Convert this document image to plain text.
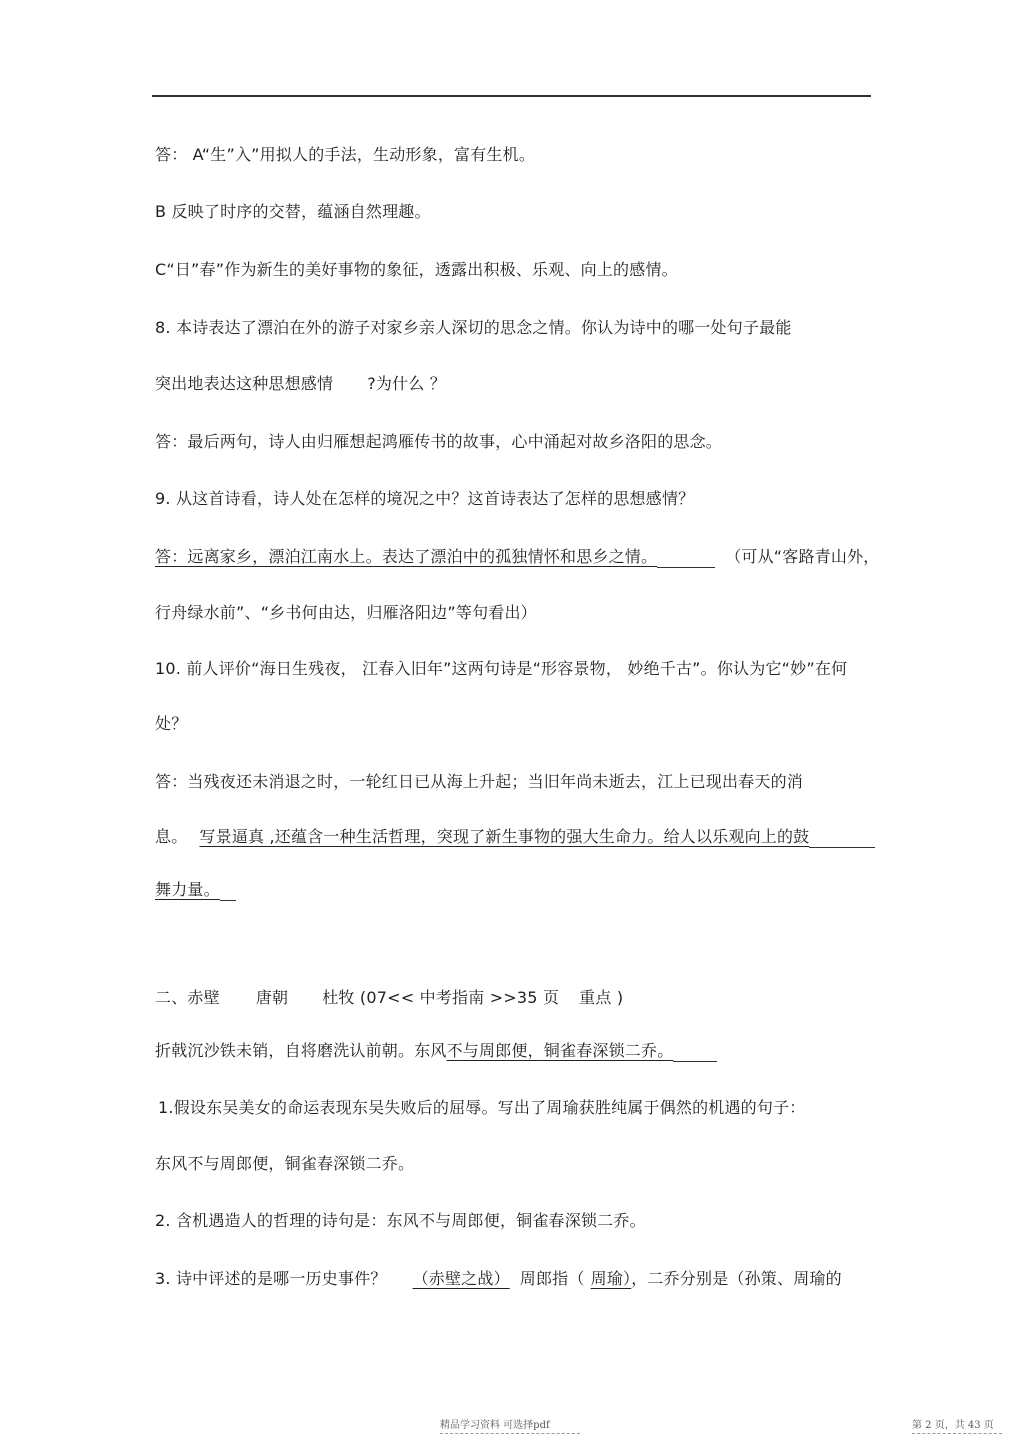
答： A“生”入”用拟人的手法，生动形象，富有生机。
B 反映了时序的交替，蕴涵自然理趣。
C“日”春”作为新生的美好事物的象征，透露出积极、乐观、向上的感情。
8. 本诗表达了漂泊在外的游子对家乡亲人深切的思念之情。你认为诗中的哪一处句子最能
突出地表达这种思想感情 ?为什么 ？
答：最后两句，诗人由归雁想起鸿雁传书的故事，心中涌起对故乡洛阳的思念。
9. 从这首诗看，诗人处在怎样的境况之中？这首诗表达了怎样的思想感情？
答：远离家乡，漂泊江南水上。表达了漂泊中的孤独情怀和思乡之情。	（可从“客路青山外，
行舟绿水前”、“乡书何由达，归雁洛阳边”等句看出）
10. 前人评价“海日生残夜， 江春入旧年”这两句诗是“形容景物， 妙绝千古”。你认为它“妙”在何
处？
答：当残夜还未消退之时，一轮红日已从海上升起；当旧年尚未逝去，江上已现出春天的消
息。 写景逼真 ,还蕴含一种生活哲理，突现了新生事物的强大生命力。给人以乐观向上的鼓
舞力量。
二、赤壁 唐朝 杜牧 (07<< 中考指南 >>35 页 重点 )
折戟沉沙铁未销，自将磨洗认前朝。东风不与周郎便，铜雀春深锁二乔。
1.假设东吴美女的命运表现东吴失败后的屈辱。写出了周瑜获胜纯属于偶然的机遇的句子：
东风不与周郎便，铜雀春深锁二乔。
2. 含机遇造人的哲理的诗句是：东风不与周郎便，铜雀春深锁二乔。
3. 诗中评述的是哪一历史事件？ （赤壁之战） 周郎指（ 周瑜），二乔分别是（孙策、周瑜的
精品学习资料 可选择pdf	第 2 页，共 43 页
